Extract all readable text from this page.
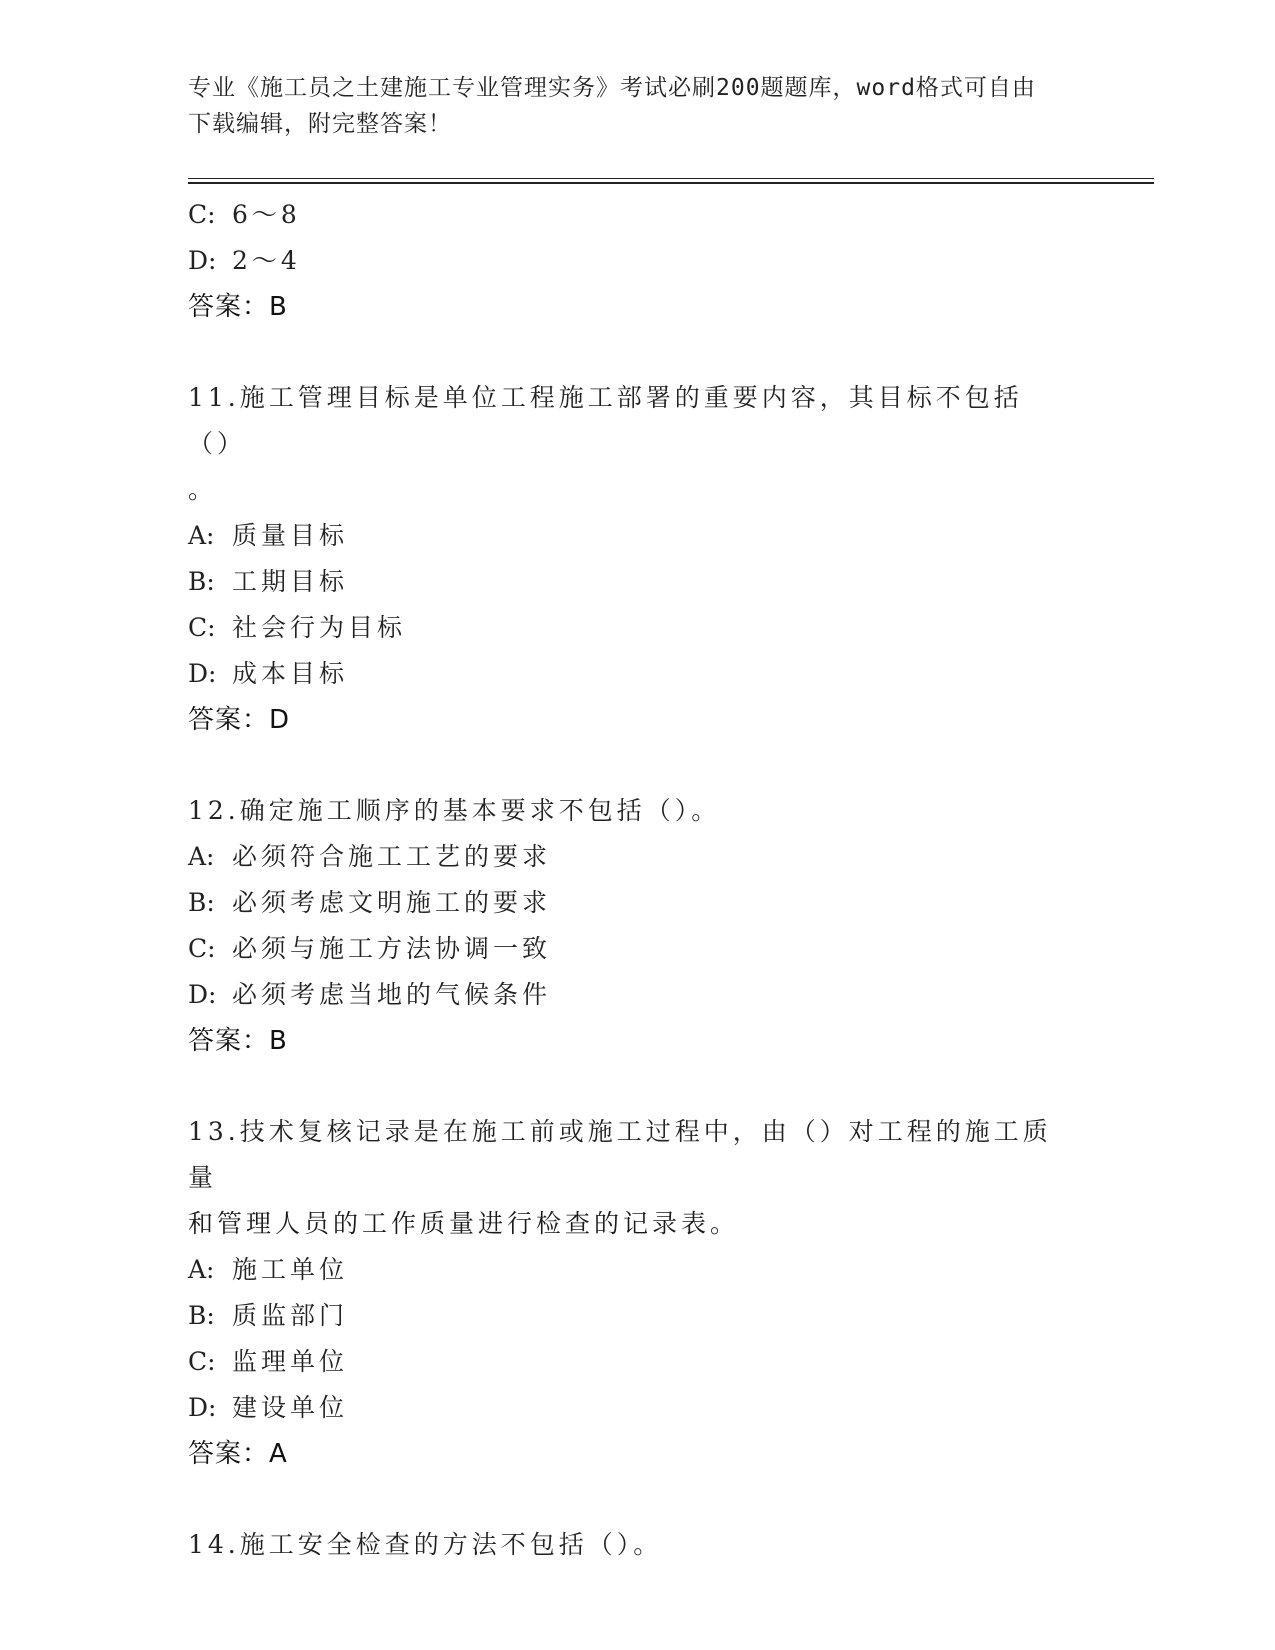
专业《施工员之土建施工专业管理实务》考试必刷200题题库，word格式可自由
下载编辑，附完整答案！
C: 6～8
D: 2～4
答案：B
11.施工管理目标是单位工程施工部署的重要内容，其目标不包括（）
。
A: 质量目标
B: 工期目标
C: 社会行为目标
D: 成本目标
答案：D
12.确定施工顺序的基本要求不包括（）。
A: 必须符合施工工艺的要求
B: 必须考虑文明施工的要求
C: 必须与施工方法协调一致
D: 必须考虑当地的气候条件
答案：B
13.技术复核记录是在施工前或施工过程中，由（）对工程的施工质量
和管理人员的工作质量进行检查的记录表。
A: 施工单位
B: 质监部门
C: 监理单位
D: 建设单位
答案：A
14.施工安全检查的方法不包括（）。
